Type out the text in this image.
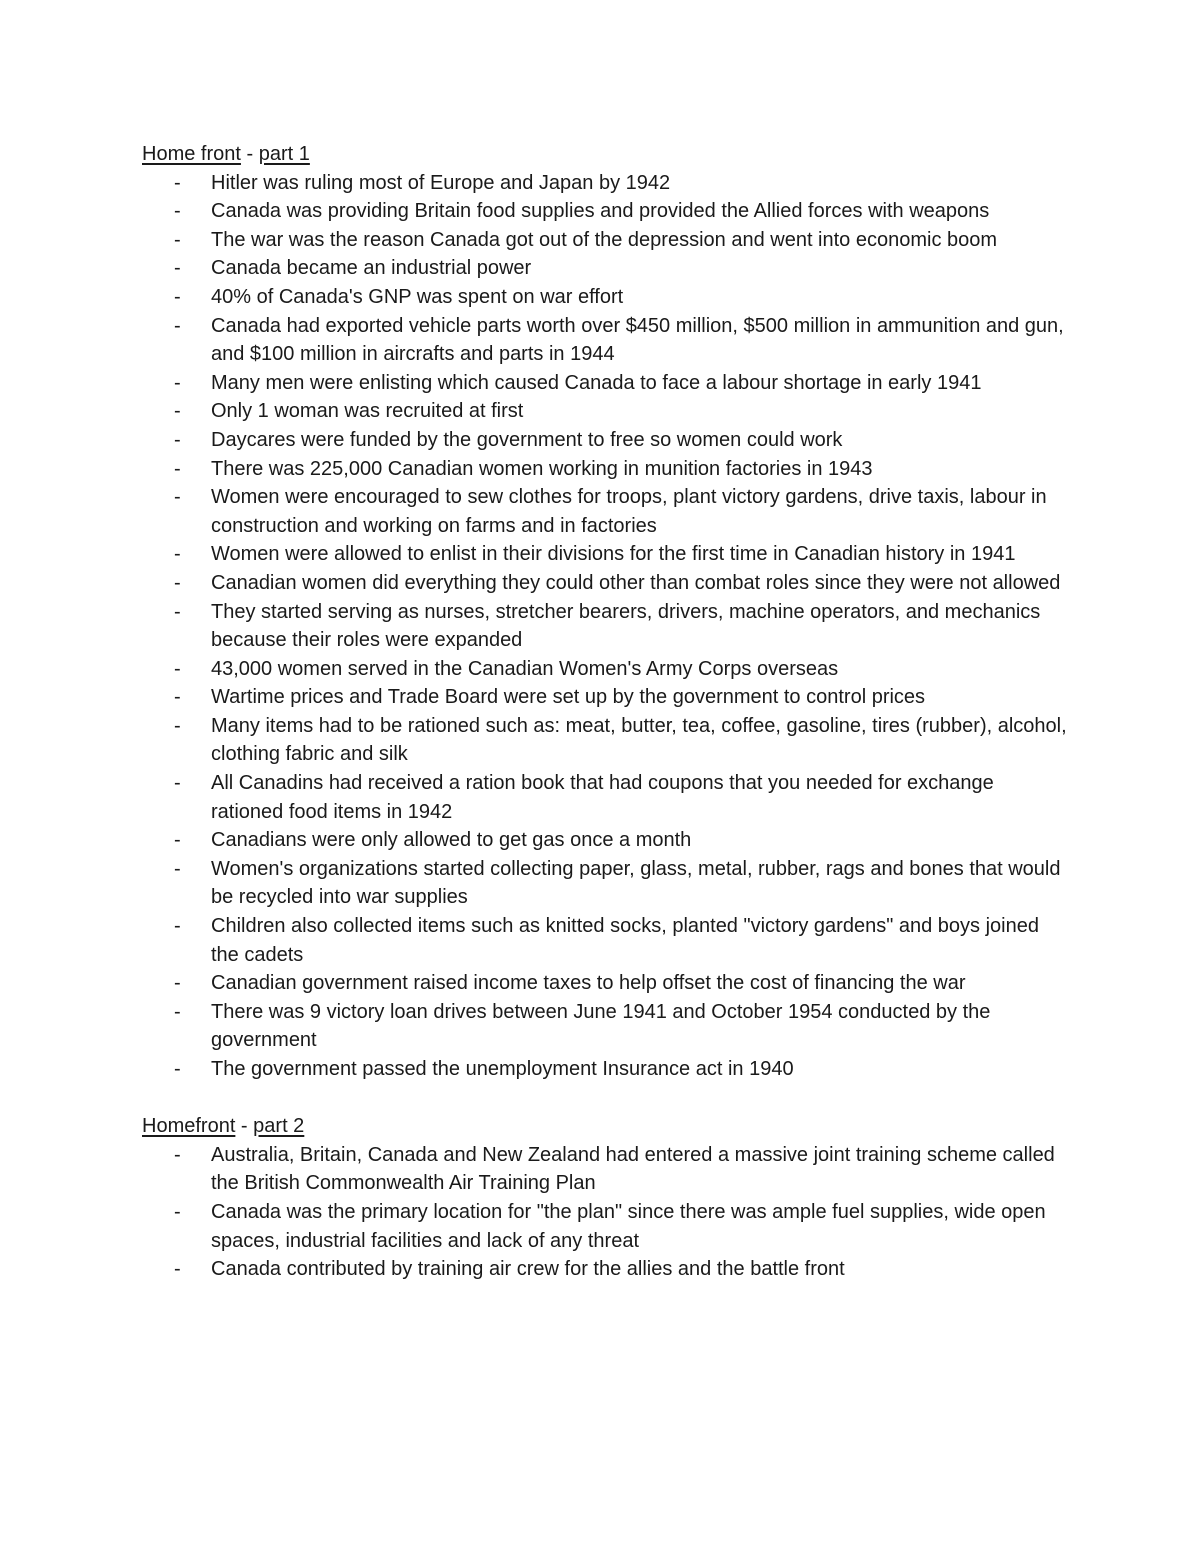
Home front - part 1

- Hitler was ruling most of Europe and Japan by 1942
- Canada was providing Britain food supplies and provided the Allied forces with weapons
- The war was the reason Canada got out of the depression and went into economic boom
- Canada became an industrial power
- 40% of Canada's GNP was spent on war effort
- Canada had exported vehicle parts worth over $450 million, $500 million in ammunition and gun, and $100 million in aircrafts and parts in 1944
- Many men were enlisting which caused Canada to face a labour shortage in early 1941
- Only 1 woman was recruited at first
- Daycares were funded by the government to free so women could work
- There was 225,000 Canadian women working in munition factories in 1943
- Women were encouraged to sew clothes for troops, plant victory gardens, drive taxis, labour in construction and working on farms and in factories
- Women were allowed to enlist in their divisions for the first time in Canadian history in 1941
- Canadian women did everything they could other than combat roles since they were not allowed
- They started serving as nurses, stretcher bearers, drivers, machine operators, and mechanics because their roles were expanded
- 43,000 women served in the Canadian Women's Army Corps overseas
- Wartime prices and Trade Board were set up by the government to control prices
- Many items had to be rationed such as: meat, butter, tea, coffee, gasoline, tires (rubber), alcohol, clothing fabric and silk
- All Canadins had received a ration book that had coupons that you needed for exchange rationed food items in 1942
- Canadians were only allowed to get gas once a month
- Women's organizations started collecting paper, glass, metal, rubber, rags and bones that would be recycled into war supplies
- Children also collected items such as knitted socks, planted "victory gardens" and boys joined the cadets
- Canadian government raised income taxes to help offset the cost of financing the war
- There was 9 victory loan drives between June 1941 and October 1954 conducted by the government
- The government passed the unemployment Insurance act in 1940

Homefront - part 2

- Australia, Britain, Canada and New Zealand had entered a massive joint training scheme called the British Commonwealth Air Training Plan
- Canada was the primary location for "the plan" since there was ample fuel supplies, wide open spaces, industrial facilities and lack of any threat
- Canada contributed by training air crew for the allies and the battle front
